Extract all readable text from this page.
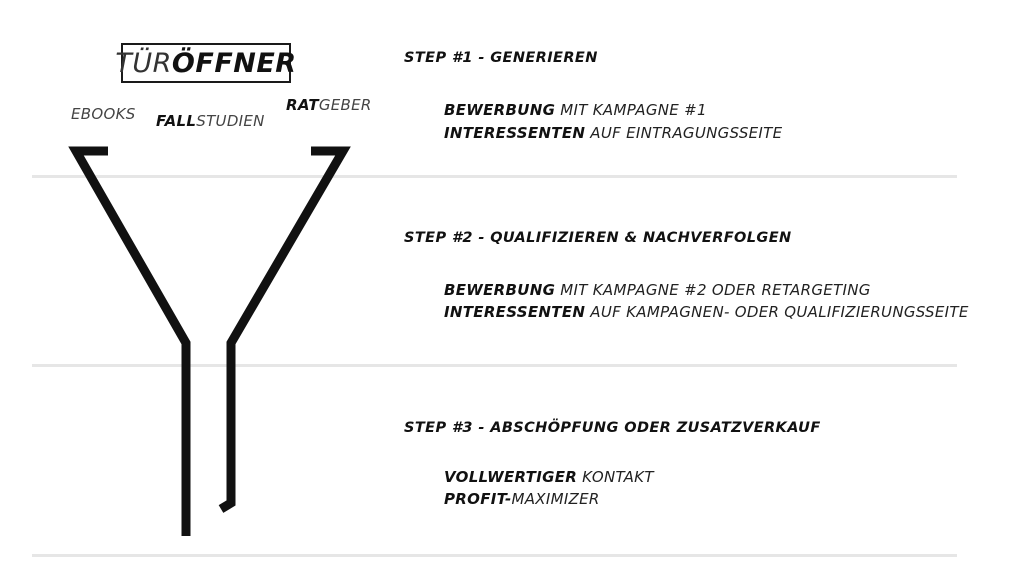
TÜR ÖFFNER
EBOOKS FALLSTUDIEN
RATGEBER
STEP #1 - GENERIEREN
BEWERBUNG MIT KAMPAGNE #1
INTERESSENTEN AUF EINTRAGUNGSSEITE
STEP #2 - QUALIFIZIEREN & NACHVERFOLGEN
BEWERBUNG MIT KAMPAGNE #2 ODER RETARGETING
INTERESSENTEN AUF KAMPAGNEN- ODER QUALIFIZIERUNGSSEITE
STEP #3 - ABSCHÖPFUNG ODER ZUSATZVERKAUF
VOLLWERTIGER KONTAKT
PROFIT-MAXIMIZER
